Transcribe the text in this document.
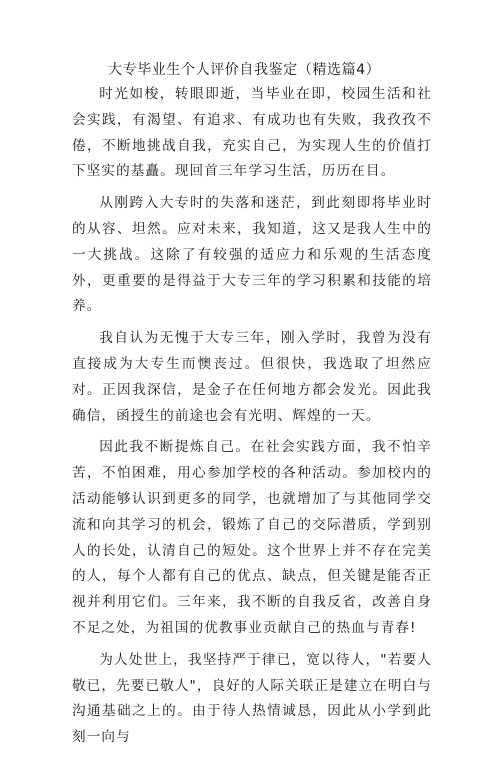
大专毕业生个人评价自我鉴定（精选篇4）

时光如梭，转眼即逝，当毕业在即，校园生活和社会实践，有渴望、有追求、有成功也有失败，我孜孜不倦，不断地挑战自我，充实自己，为实现人生的价值打下坚实的基矗。现回首三年学习生活，历历在目。

从刚跨入大专时的失落和迷茫，到此刻即将毕业时的从容、坦然。应对未来，我知道，这又是我人生中的一大挑战。这除了有较强的适应力和乐观的生活态度外，更重要的是得益于大专三年的学习积累和技能的培养。

我自认为无愧于大专三年，刚入学时，我曾为没有直接成为大专生而懊丧过。但很快，我选取了坦然应对。正因我深信，是金子在任何地方都会发光。因此我确信，函授生的前途也会有光明、辉煌的一天。

因此我不断提炼自己。在社会实践方面，我不怕辛苦，不怕困难，用心参加学校的各种活动。参加校内的活动能够认识到更多的同学，也就增加了与其他同学交流和向其学习的机会，锻炼了自己的交际潜质，学到别人的长处，认清自己的短处。这个世界上并不存在完美的人，每个人都有自己的优点、缺点，但关键是能否正视并利用它们。三年来，我不断的自我反省，改善自身不足之处，为祖国的优教事业贡献自己的热血与青春!

为人处世上，我坚持严于律已，宽以待人，"若要人敬已，先要已敬人"，良好的人际关联正是建立在明白与沟通基础之上的。由于待人热情诚恳，因此从小学到此刻一向与
